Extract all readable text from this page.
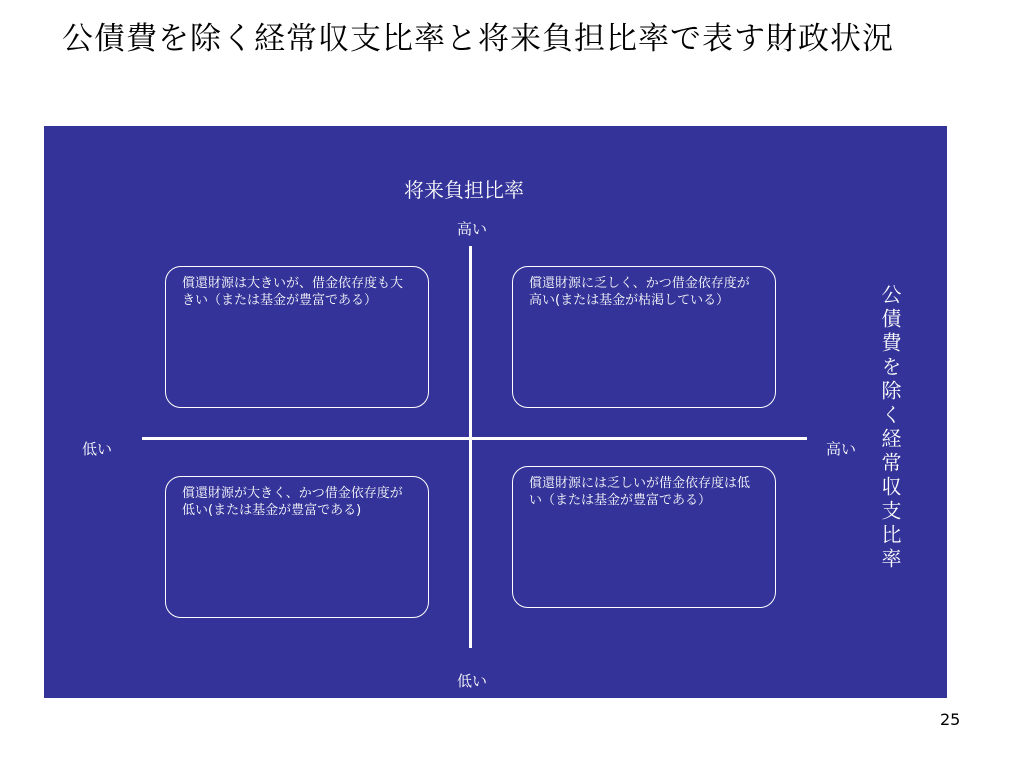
公債費を除く経常収支比率と将来負担比率で表す財政状況
将来負担比率
高い
低い	高い
低い
公債費を除く経常収支比率
償還財源は大きいが、借金依存度も大きい（または基金が豊富である）
償還財源に乏しく、かつ借金依存度が高い(または基金が枯渇している）
償還財源が大きく、かつ借金依存度が低い(または基金が豊富である)
償還財源には乏しいが借金依存度は低い（または基金が豊富である）
25
